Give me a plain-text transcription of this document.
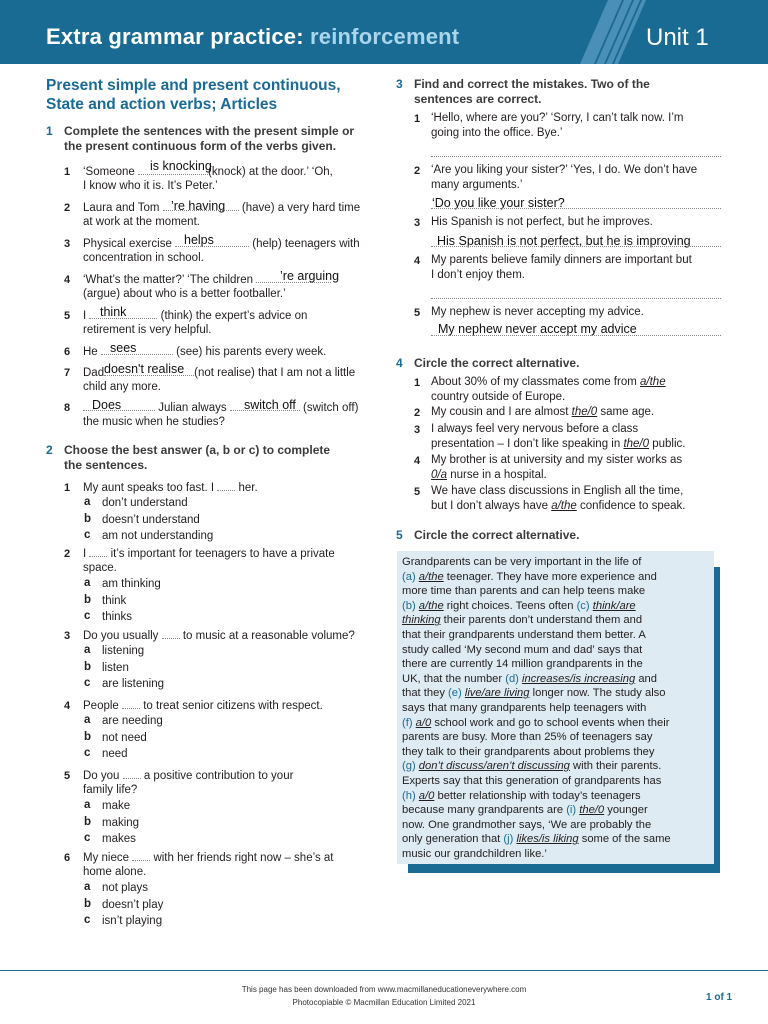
Extra grammar practice: reinforcement	Unit 1
Present simple and present continuous,
State and action verbs; Articles
1 Complete the sentences with the present simple or
the present continuous form of the verbs given.
1 ‘Someone	(knock) at the door.’ ‘Oh,
is knocking
I know who it is. It’s Peter.’
2 Laura and Tom	(have) a very hard time
’re having
at work at the moment.
3 Physical exercise	(help) teenagers with
helps
concentration in school.
4 ‘What’s the matter?’ ‘The children	’re arguing
(argue) about who is a better footballer.’
5 I	(think) the expert’s advice on
think
retirement is very helpful.
6 He	(see) his parents every week.
sees
7 Dad	(not realise) that I am not a little
doesn't realise
child any more.
8	Julian always	(switch off)
Does	switch off
the music when he studies?
2 Choose the best answer (a, b or c) to complete
the sentences.
1 My aunt speaks too fast. I her.
a don’t understand
b doesn’t understand
c am not understanding
2 I it’s important for teenagers to have a private
space.
a am thinking
b think
c thinks
3 Do you usually to music at a reasonable volume?
a listening
b listen
c are listening
4 People to treat senior citizens with respect.
a are needing
b not need
c need
5 Do you a positive contribution to your
family life?
a make
b making
c makes
6 My niece with her friends right now – she’s at
home alone.
a not plays
b doesn’t play
c isn’t playing
3 Find and correct the mistakes. Two of the
sentences are correct.
1 ‘Hello, where are you?’ ‘Sorry, I can’t talk now. I’m
going into the office. Bye.’
2 ‘Are you liking your sister?’ ‘Yes, I do. We don’t have
many arguments.’
‘Do you like your sister?
3 His Spanish is not perfect, but he improves.
His Spanish is not perfect, but he is improving
4 My parents believe family dinners are important but
I don’t enjoy them.
5 My nephew is never accepting my advice.
My nephew never accept my advice
4 Circle the correct alternative.
1 About 30% of my classmates come from a/the
country outside of Europe.
2 My cousin and I are almost the/0 same age.
3 I always feel very nervous before a class
presentation – I don’t like speaking in the/0 public.
4 My brother is at university and my sister works as
0/a nurse in a hospital.
5 We have class discussions in English all the time,
but I don’t always have a/the confidence to speak.
5 Circle the correct alternative.
Grandparents can be very important in the life of
(a) a/the teenager. They have more experience and
more time than parents and can help teens make
(b) a/the right choices. Teens often (c) think/are
thinking their parents don’t understand them and
that their grandparents understand them better. A
study called ‘My second mum and dad’ says that
there are currently 14 million grandparents in the
UK, that the number (d) increases/is increasing and
that they (e) live/are living longer now. The study also
says that many grandparents help teenagers with
(f) a/0 school work and go to school events when their
parents are busy. More than 25% of teenagers say
they talk to their grandparents about problems they
(g) don’t discuss/aren’t discussing with their parents.
Experts say that this generation of grandparents has
(h) a/0 better relationship with today’s teenagers
because many grandparents are (i) the/0 younger
now. One grandmother says, ‘We are probably the
only generation that (j) likes/is liking some of the same
music our grandchildren like.’
This page has been downloaded from www.macmillaneducationeverywhere.com
Photocopiable © Macmillan Education Limited 2021	1 of 1
